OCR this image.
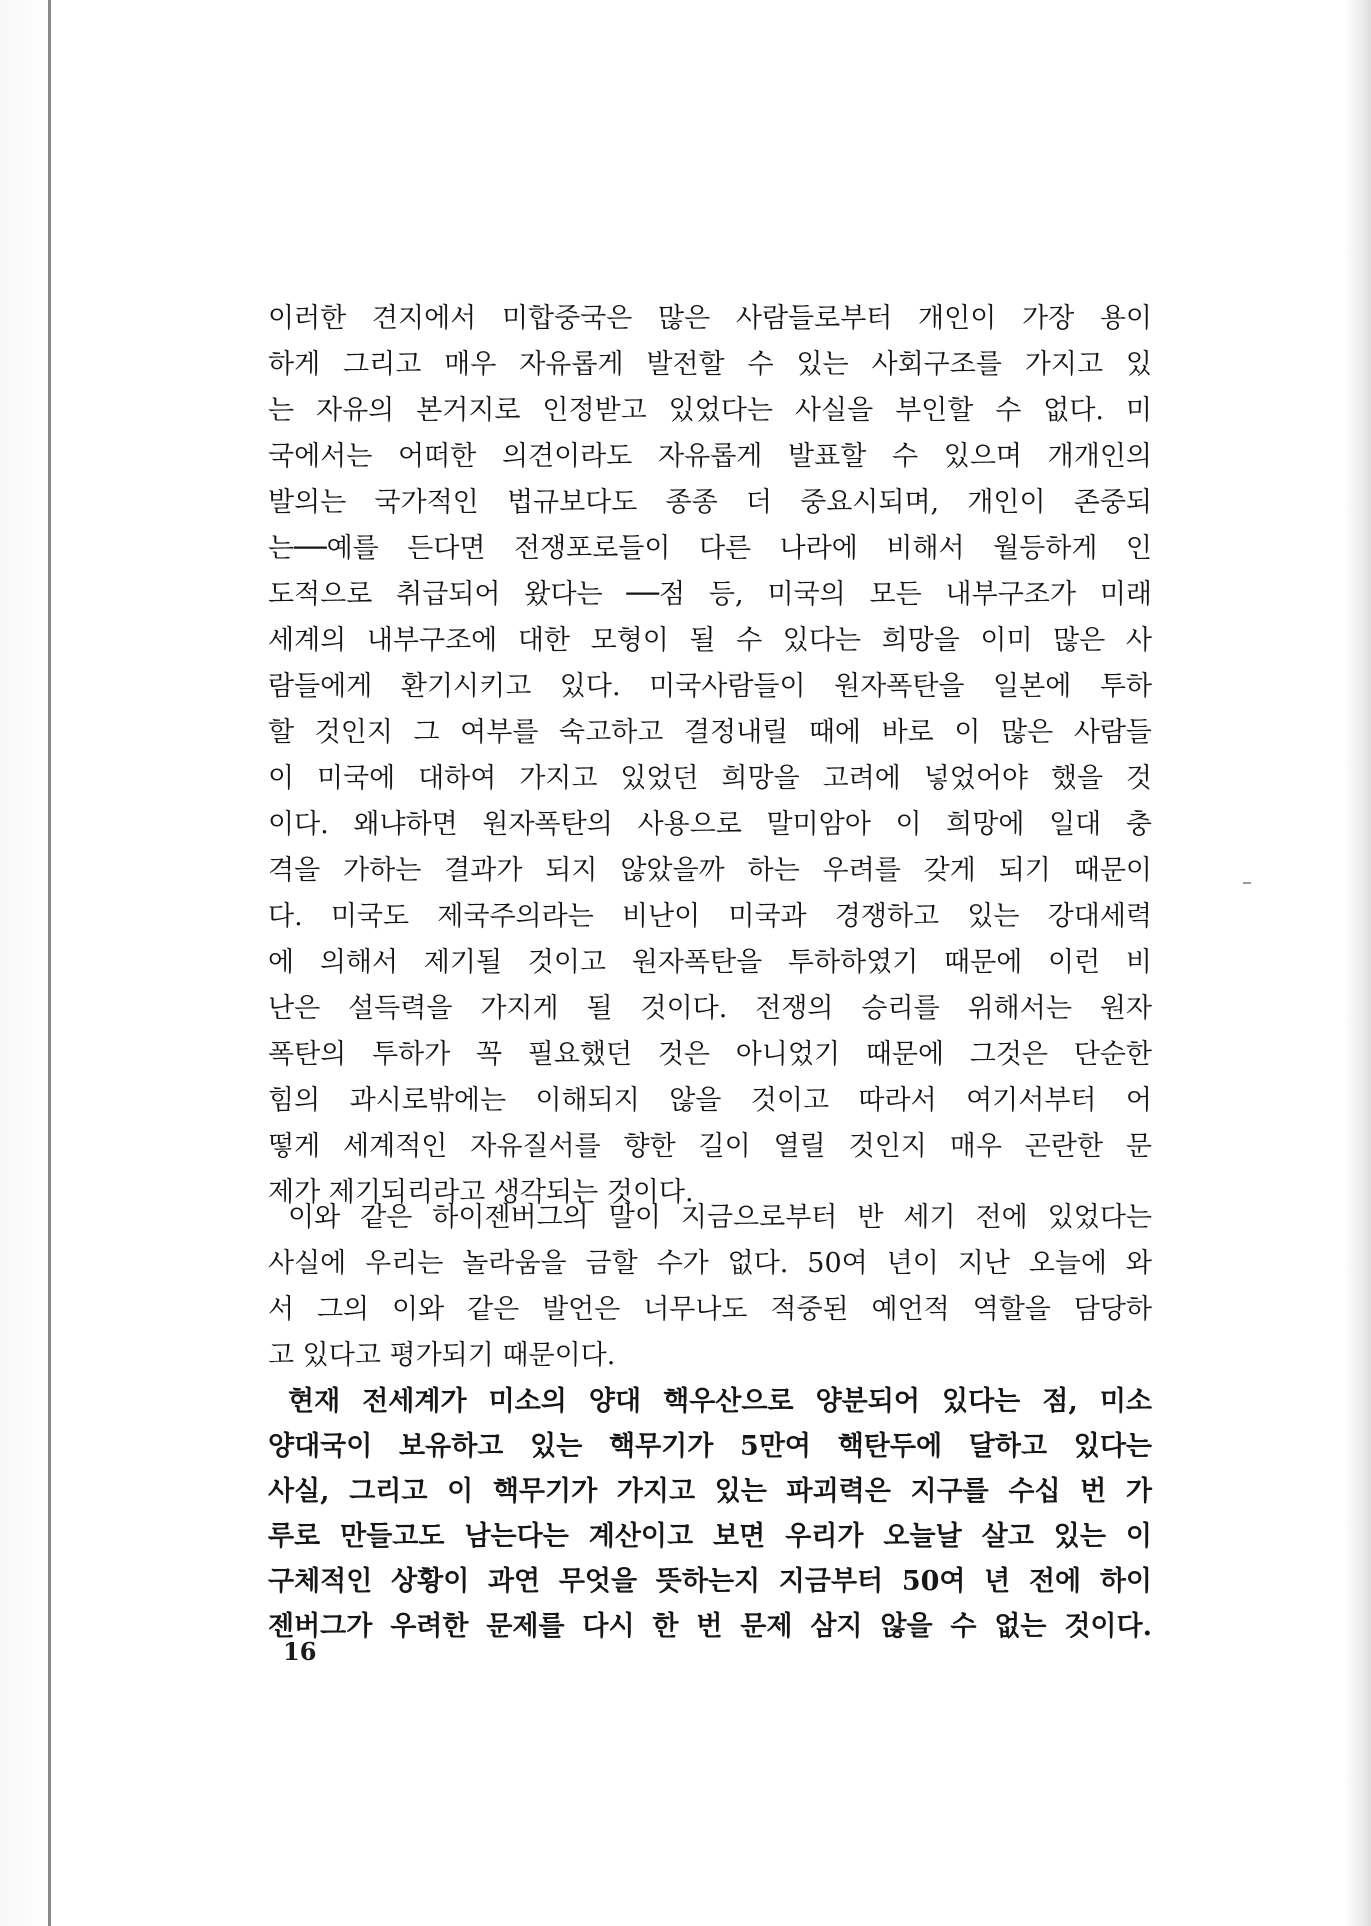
이러한 견지에서 미합중국은 많은 사람들로부터 개인이 가장 용이
하게 그리고 매우 자유롭게 발전할 수 있는 사회구조를 가지고 있
는 자유의 본거지로 인정받고 있었다는 사실을 부인할 수 없다. 미
국에서는 어떠한 의견이라도 자유롭게 발표할 수 있으며 개개인의
발의는 국가적인 법규보다도 종종 더 중요시되며, 개인이 존중되
는──예를 든다면 전쟁포로들이 다른 나라에 비해서 월등하게 인
도적으로 취급되어 왔다는 ──점 등, 미국의 모든 내부구조가 미래
세계의 내부구조에 대한 모형이 될 수 있다는 희망을 이미 많은 사
람들에게 환기시키고 있다. 미국사람들이 원자폭탄을 일본에 투하
할 것인지 그 여부를 숙고하고 결정내릴 때에 바로 이 많은 사람들
이 미국에 대하여 가지고 있었던 희망을 고려에 넣었어야 했을 것
이다. 왜냐하면 원자폭탄의 사용으로 말미암아 이 희망에 일대 충
격을 가하는 결과가 되지 않았을까 하는 우려를 갖게 되기 때문이
다. 미국도 제국주의라는 비난이 미국과 경쟁하고 있는 강대세력
에 의해서 제기될 것이고 원자폭탄을 투하하였기 때문에 이런 비
난은 설득력을 가지게 될 것이다. 전쟁의 승리를 위해서는 원자
폭탄의 투하가 꼭 필요했던 것은 아니었기 때문에 그것은 단순한
힘의 과시로밖에는 이해되지 않을 것이고 따라서 여기서부터 어
떻게 세계적인 자유질서를 향한 길이 열릴 것인지 매우 곤란한 문
제가 제기되리라고 생각되는 것이다.
이와 같은 하이젠버그의 말이 지금으로부터 반 세기 전에 있었다는
사실에 우리는 놀라움을 금할 수가 없다. 50여 년이 지난 오늘에 와
서 그의 이와 같은 발언은 너무나도 적중된 예언적 역할을 담당하
고 있다고 평가되기 때문이다.
현재 전세계가 미소의 양대 핵우산으로 양분되어 있다는 점, 미소
양대국이 보유하고 있는 핵무기가 5만여 핵탄두에 달하고 있다는
사실, 그리고 이 핵무기가 가지고 있는 파괴력은 지구를 수십 번 가
루로 만들고도 남는다는 계산이고 보면 우리가 오늘날 살고 있는 이
구체적인 상황이 과연 무엇을 뜻하는지 지금부터 50여 년 전에 하이
젠버그가 우려한 문제를 다시 한 번 문제 삼지 않을 수 없는 것이다.
16
